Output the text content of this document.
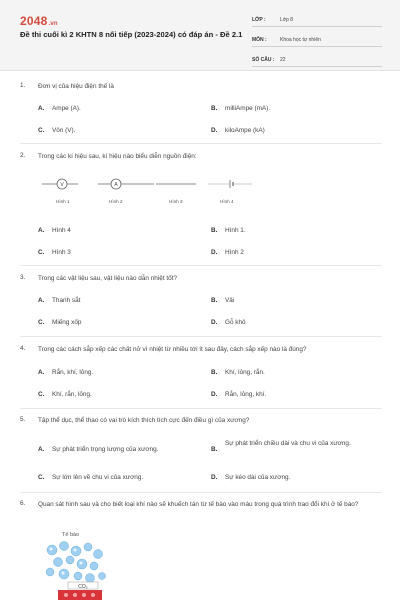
2048.vn
Đề thi cuối kì 2 KHTN 8 nối tiếp (2023-2024) có đáp án - Đề 2.1
LỚP :	Lớp 8
MÔN :	Khoa học tự nhiên
SỐ CÂU :	22
1. Đơn vị của hiệu điện thế là
A. Ampe (A).	B. milliAmpe (mA).
C. Vôn (V).	D. kiloAmpe (kA)
2. Trong các kí hiệu sau, kí hiệu nào biểu diễn nguồn điện:
V	A
Hình 1	Hình 2	Hình 3	Hình 4
A. Hình 4	B. Hình 1.
C. Hình 3	D. Hình 2
3. Trong các vật liệu sau, vật liệu nào dẫn nhiệt tốt?
A. Thanh sắt	B. Vải
C. Miếng xốp	D. Gỗ khô
4. Trong các cách sắp xếp các chất nở vì nhiệt từ nhiều tới ít sau đây, cách sắp xếp nào là đúng?
A. Rắn, khí, lỏng.	B. Khí, lỏng, rắn.
C. Khí, rắn, lỏng.	D. Rắn, lỏng, khí.
5. Tập thể dục, thể thao có vai trò kích thích tích cực đến điều gì của xương?
A. Sự phát triển trọng lượng của xương.	B.
Sự phát triển chiều dài và chu vi của xương.
C. Sự lớn lên về chu vi của xương.	D. Sự kéo dài của xương.
6. Quan sát hình sau và cho biết loại khí nào sẽ khuếch tán từ tế bào vào máu trong quá trình trao đổi khí ở tế bào?
Tế bào
CO₂
